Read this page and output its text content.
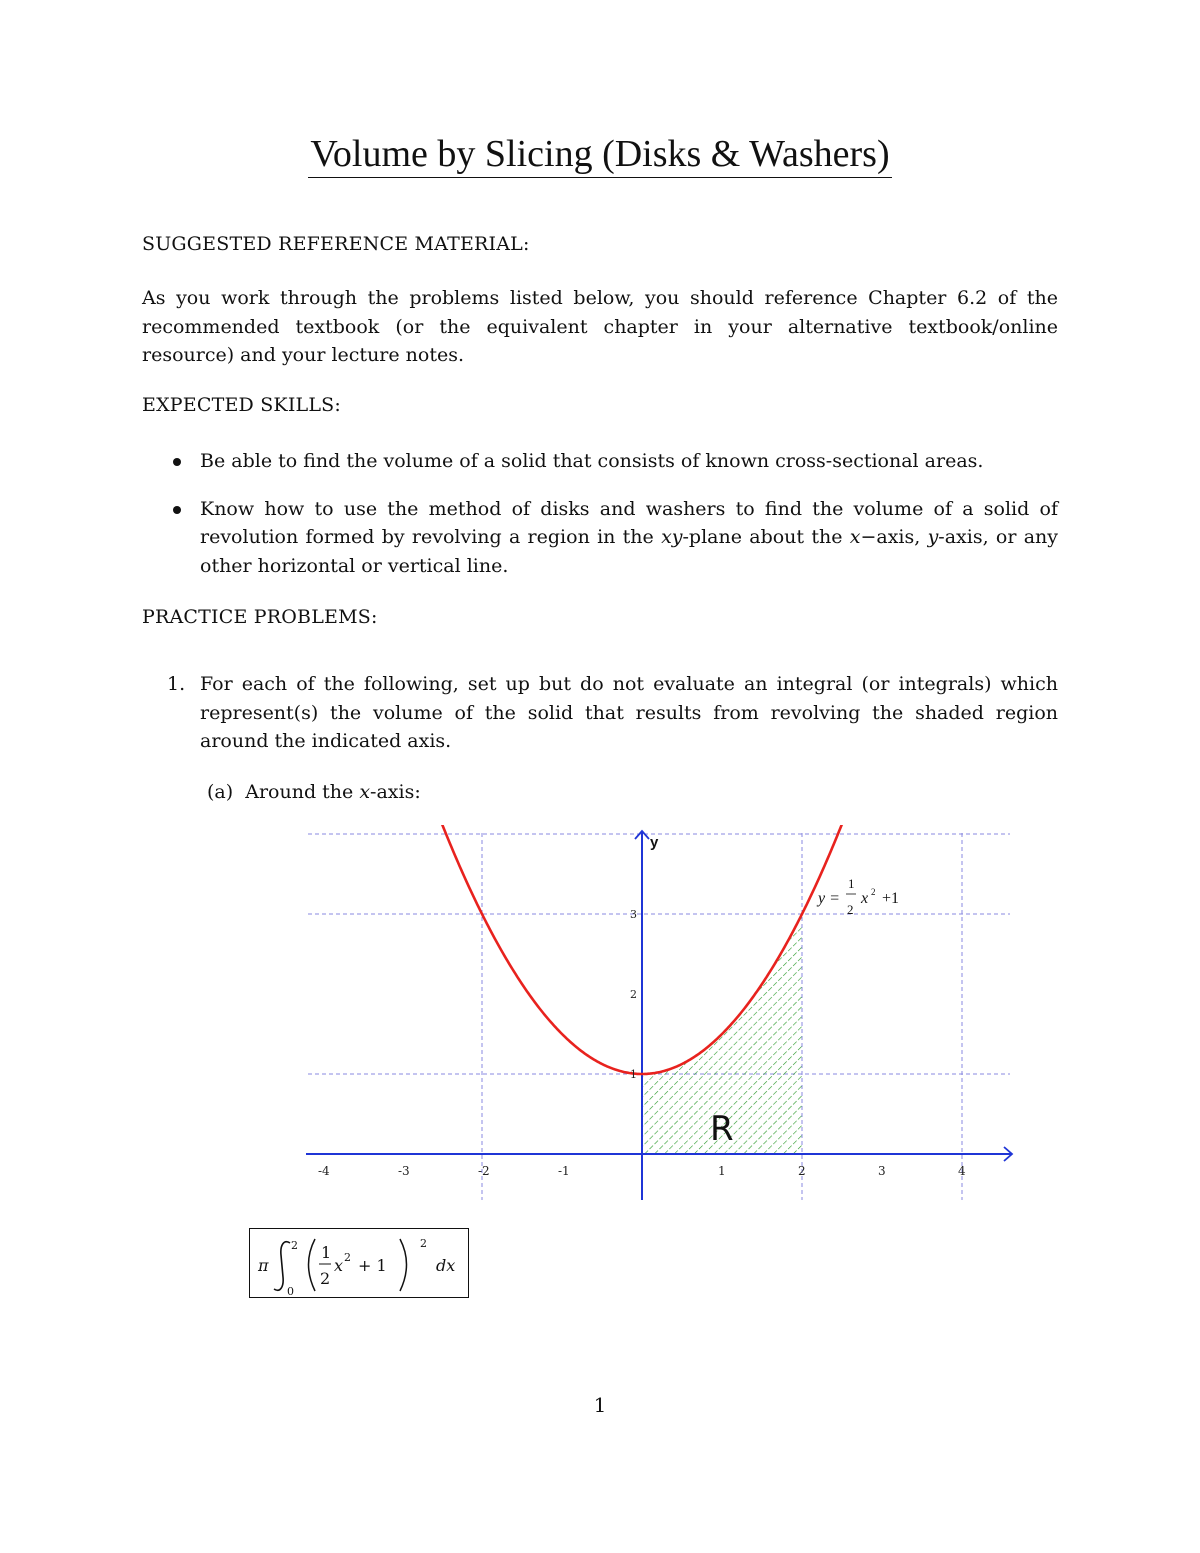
Volume by Slicing (Disks & Washers)
SUGGESTED REFERENCE MATERIAL:

As you work through the problems listed below, you should reference Chapter 6.2 of the recommended textbook (or the equivalent chapter in your alternative textbook/online resource) and your lecture notes.

EXPECTED SKILLS:
Be able to find the volume of a solid that consists of known cross-sectional areas.
Know how to use the method of disks and washers to find the volume of a solid of revolution formed by revolving a region in the xy-plane about the x−axis, y-axis, or any other horizontal or vertical line.
PRACTICE PROBLEMS:
1. For each of the following, set up but do not evaluate an integral (or integrals) which represent(s) the volume of the solid that results from revolving the shaded region around the indicated axis.
(a) Around the x-axis:
-4	-3	-2	-1	1	2	3	4
1
2
3
y
R
y =
1
2
x 2 +1
π
2
0
1
2
x 2 + 1
2
dx
1
